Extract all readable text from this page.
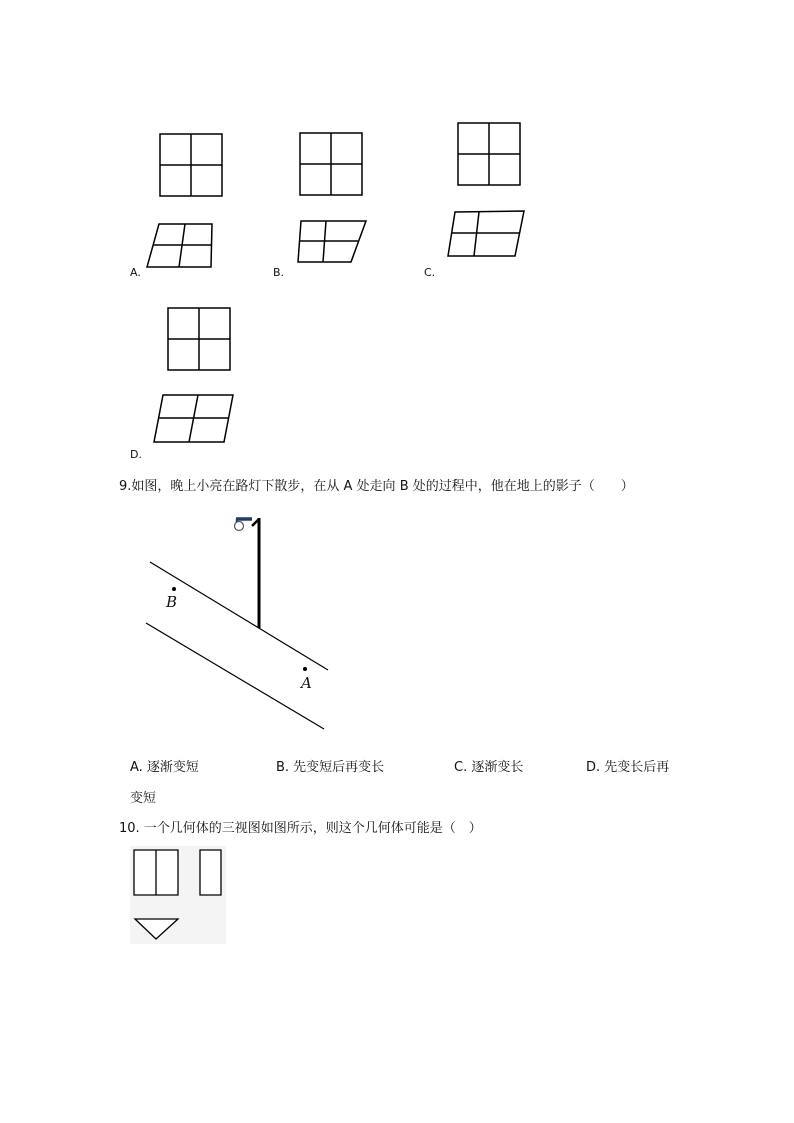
A.	B.	C.
D.
9.如图，晚上小亮在路灯下散步，在从 A 处走向 B 处的过程中，他在地上的影子（　　）
B
A
A. 逐渐变短	B. 先变短后再变长	C. 逐渐变长	D. 先变长后再
变短
10. 一个几何体的三视图如图所示，则这个几何体可能是（　）
